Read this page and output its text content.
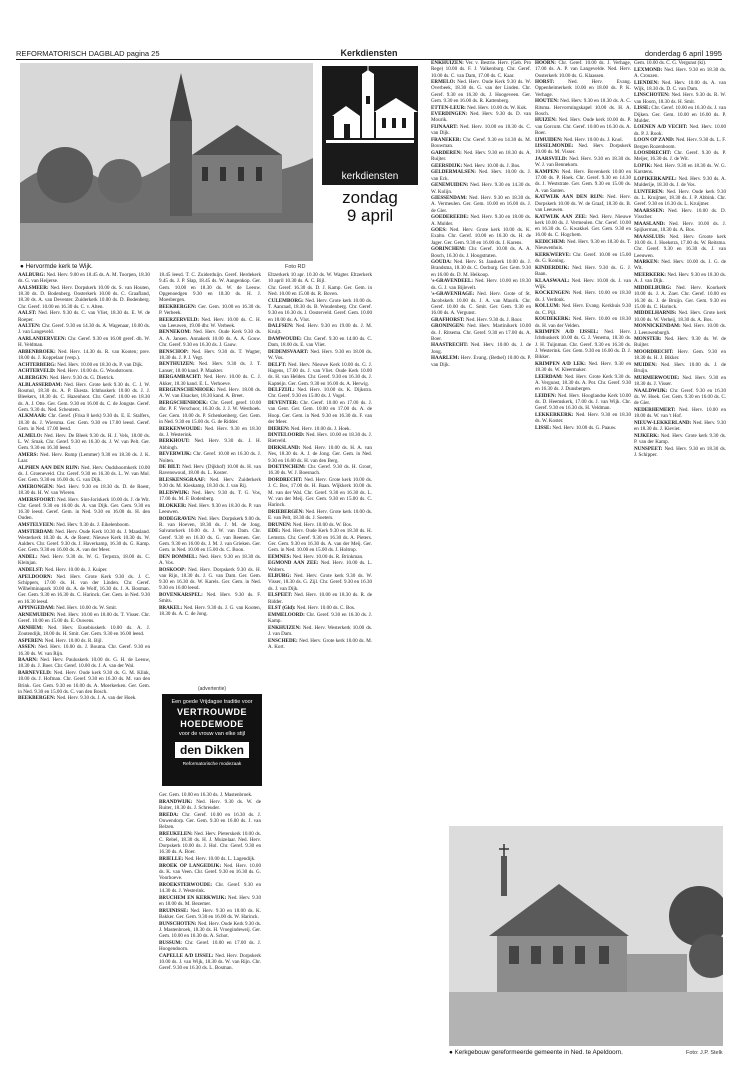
REFORMATORISCH DAGBLAD pagina 25	Kerkdiensten	donderdag 6 april 1995
● Hervormde kerk te Wijk.	Foto RD
kerkdiensten
zondag
9 april

AALBURG: Ned. Herv. 9.00 en 18.45 ds. A. M. Toorpen, 18.30 ds. G. van Heijerse.

AALSMEER: Ned. Herv. Dorpskerk 10.00 ds. S. van Houten, 18.30 ds. D. Bodenberg. Oosterkerk 10.00 ds. C. Graafland, 18.30 ds. A. van Deventer. Zuiderkerk 10.00 ds. D. Bodenberg. Chr. Geref. 10.00 en 16.30 ds. C. v. Alten.

AALST: Ned. Herv. 9.30 ds. C. van Vliet, 18.30 ds. E. W. de Roeper.

AALTEN: Chr. Geref. 9.30 en 14.30 ds. A. Wagenaar, 10.00 ds. J. van Langeveld.

AARLANDERVEEN: Chr. Geref. 9.30 en 16.00 geref. dh. W. H. Veldman.

ABBENBROEK: Ned. Herv. 14.30 ds. R. van Kooten; prev. 18.00 ds. J. Koppelaar (vesp.).

ACHTERBERG: Ned. Herv. 10.00 en 18.30 ds. P. van Dijk.

ACHTERVELD: Ned. Herv. 10.00 ds. G. Woudstroom.

ALBERGEN: Ned. Herv. 9.30 ds. G. Dietrick.

ALBLASSERDAM: Ned. Herv. Grote kerk 9.30 ds. C. J. W. Rosmul, 18.30 ds. A. P. Ekesta. Ichthuskerk 10.00 ds. J. J. Bleekers, 18.30 ds. C. Hazenhoot. Chr. Geref. 10.00 en 18.30 ds. A. J. Otte. Ger. Gem. 9.30 en 16.00 ds. C. de Jongste. Geref. Gem. 9.30 ds. Ned. Scheutem.

ALKMAAR: Chr. Geref. (Frisa 8 kerk) 9.30 ds. E. E. Stalfers, 18.30 ds. J. Wiersma. Ger. Gem. 9.30 en 17.00 leesd. Geref. Gem. in Ned. 17.00 leesd.

ALMELO: Ned. Herv. De Bleek 9.30 ds. H. J. Vels, 18.00 ds. L. W. Smak. Chr. Geref. 9.30 en 16.30 ds. J. W. van Pelt. Ger. Gem. 9.30 en 16.30 leesd.

AMERS: Ned. Herv. Rump (Lemmer) 9.30 en 18.30 ds. J. K. Laar.

ALPHEN AAN DEN RIJN: Ned. Herv. Oudshoornkerk 10.00 ds. J. Groeneveld. Chr. Geref. 9.30 en 16.30 ds. L. W. van Mol. Ger. Gem. 9.30 en 16.00 ds. G. van Dijk.

AMERONGEN: Ned. Herv. 9.30 en 18.30 ds. D. de Roest, 18.30 ds. H. W. van Wieren.

AMERSFOORT: Ned. Herv. Sint-Joriskerk 10.00 ds. J. de Wit. Chr. Geref. 9.30 en 16.00 ds. A. van Dijk. Ger. Gem. 9.30 en 16.30 leesd. Geref. Gem. in Ned. 9.30 en 16.00 ds. H. den Ouden.

AMSTELVEEN: Ned. Herv. 9.30 ds. J. Eikelenboom.

AMSTERDAM: Ned. Herv. Oude Kerk 10.30 ds. J. Maasland. Westerkerk 10.30 ds. A. de Roest. Nieuwe Kerk 10.30 ds. W. Aalders. Chr. Geref. 9.30 ds. J. Haverkamp, 16.30 ds. G. Kamp. Ger. Gem. 9.30 en 16.00 ds. A. van der Meer.

ANDEL: Ned. Herv. 9.30 ds. W. G. Terpstra, 18.00 ds. C. Kleinjan.

ANDELST: Ned. Herv. 10.00 ds. J. Kuiper.

APELDOORN: Ned. Herv. Grote Kerk 9.30 ds. J. C. Schippers, 17.00 ds. H. van der Linden. Chr. Geref. Wilhelminapark 10.00 ds. A. de Wolf, 16.30 ds. J. A. Bosman. Ger. Gem. 9.30 en 16.30 ds. C. Harinck. Ger. Gem. in Ned. 9.30 en 16.30 leesd.

APPINGEDAM: Ned. Herv. 10.00 ds. W. Smit.

ARNEMUIDEN: Ned. Herv. 10.00 en 18.00 ds. T. Visser. Chr. Geref. 10.00 en 15.00 ds. E. Ouwens.

ARNHEM: Ned. Herv. Eusebiuskerk 10.00 ds. A. J. Zoutendijk, 18.00 ds. H. Smit. Ger. Gem. 9.30 en 16.00 leesd.

ASPEREN: Ned. Herv. 10.00 ds. R. Bijl.

ASSEN: Ned. Herv. 10.00 ds. J. Bouma. Chr. Geref. 9.30 en 16.30 ds. W. van Rijn.

BAARN: Ned. Herv. Pauluskerk 10.00 ds. G. H. de Leeuw, 18.30 ds. J. Boer. Chr. Geref. 10.00 ds. J. A. van der Wal.

BARNEVELD: Ned. Herv. Oude kerk 9.30 ds. G. M. Klink, 18.00 ds. J. Hofman. Chr. Geref. 9.30 en 16.30 ds. M. van den Brink. Ger. Gem. 9.30 en 16.00 ds. A. Moerkerken. Ger. Gem. in Ned. 9.30 en 15.00 ds. C. van den Bosch.

BEEKBERGEN: Ned. Herv. 9.30 ds. J. A. van der Hoek.

18.45 leesd. T. C. Zuiderduijn. Geref. Herdekerk 9.45 ds. J. P. Slap, 18.45 ds. W. Aangenkop. Ger. Gem. 10.00 en 18.30 ds. W. de Leeuw. Opgenoedgen 9.30 en 18.30 ds. H. J. Moesbergen.

BEEKBERGEN: Ger. Gem. 10.00 en 16.30 ds. P. Verbeek.

BEERZERVELD: Ned. Herv. 10.00 ds. C. H. van Leeuwen, 19.00 dhr. W. Verbeek.

BENNEKOM: Ned. Herv. Oude Kerk 9.30 ds. A. A. Jansen. Annakerk 10.00 ds. A. A. Gouw. Chr. Geref. 9.30 en 16.30 ds. J. Gauw.

BENSCHOP: Ned. Herv. 9.30 ds. T. Wagter, 18.30 ds. J. P. J. Vegt.

BENTHUIZEN: Ned. Herv. 9.30 ds. J. T. Lanser, 18.00 kand. P. Maakter.

BERGAMBACHT: Ned. Herv. 10.00 ds. C. J. Akker, 18.30 kand. E. L. Verhoeve.

BERGENSCHENHOEK: Ned. Herv. 18.00 ds. A. W. van Elsacker, 18.30 kand. A. Breet.

BERGSCHENHOEK: Chr. Geref. geref. 10.00 dhr. P. F. Verschoor, 16.30 ds. J. J. W. Westhoek. Ger. Gem. 10.00 ds. P. Schenkenberg. Ger. Gem. in Ned. 9.30 en 15.00 ds. G. de Ridder.

BERKENWOUDE: Ned. Herv. 9.30 en 18.30 ds. J. Westerink.

BERKHOUT: Ned. Herv. 9.30 ds. J. H. Abbingh.

BEVERWIJK: Chr. Geref. 10.00 en 16.30 ds. J. Noiten.

DE BILT: Ned. Herv. (Dijkhof) 10.00 ds. H. van Ravenswoud, 18.00 ds. L. Koster.

BLESKENSGRAAF: Ned. Herv. Zuiderkerk 9.30 ds. M. Kieskamp, 18.30 ds. J. van Rij.

BLEISWIJK: Ned. Herv. 9.30 ds. T. G. Vos, 17.00 ds. M. F. Bodenberg.

BLOKKER: Ned. Herv. 9.30 en 18.30 ds. P. van Leeuwen.

BODEGRAVEN: Ned. Herv. Dorpskerk 9.00 ds. R. van Hoeven, 18.30 ds. J. M. de Jong. Salvatorkerk 10.00 ds. J. W. van Dam. Chr. Geref. 9.30 en 16.30 ds. G. van Reenen. Ger. Gem. 9.30 en 16.00 ds. J. M. J. van Grieken. Ger. Gem. in Ned. 10.00 en 15.00 ds. C. Boon.

DEN BOMMEL: Ned. Herv. 9.30 en 18.30 ds. A. Vos.

BOSKOOP: Ned. Herv. Dorpskerk 9.30 ds. H. van Rijn, 18.30 ds. J. G. van Dam. Ger. Gem. 9.30 en 16.30 ds. W. Karels. Ger. Gem. in Ned. 9.30 en 16.00 leesd.

BOVENKARSPEL: Ned. Herv. 9.30 ds. F. Smits.

BRAKEL: Ned. Herv. 9.30 ds. J. G. van Kooten, 18.30 ds. A. C. de Jong.

Ger. Gem. 10.00 en 16.30 ds. J. Mastenbroek.

BRANDWIJK: Ned. Herv. 9.30 ds. W. de Ruiter, 18.30 ds. J. Schreuder.

BREDA: Chr. Geref. 10.00 en 16.30 ds. J. Ouwendorp. Ger. Gem. 9.30 en 16.00 ds. J. van Belzen.

BREUKELEN: Ned. Herv. Pieterskerk 10.00 ds. C. Rebel, 18.30 ds. H. J. Muizelaar. Ned. Herv. Dorpskerk 10.00 ds. J. Hol. Chr. Geref. 9.30 en 16.30 ds. A. Boer.

BRIELLE: Ned. Herv. 10.00 ds. L. Lagendijk.

BROEK OP LANGEDIJK: Ned. Herv. 10.00 ds. K. van Veen. Chr. Geref. 9.30 en 16.30 ds. G. Voorhoeve.

BROEKSTERWOUDE: Chr. Geref. 9.30 en 14.30 ds. J. Westerink.

BRUCHEM EN KERKWIJK: Ned. Herv. 9.30 en 18.00 ds. M. Bezemer.

BRUINISSE: Ned. Herv. 9.30 en 18.00 ds. K. Bakker. Ger. Gem. 9.30 en 16.00 ds. W. Harinck.

BUNSCHOTEN: Ned. Herv. Oude Kerk 9.30 ds. J. Mastenbroek, 18.30 ds. H. Vroegindeweij. Ger. Gem. 10.00 en 16.30 ds. A. Schot.

BUSSUM: Chr. Geref. 10.00 en 17.00 ds. J. Hoogendoorn.

CAPELLE A/D IJSSEL: Ned. Herv. Dorpskerk 10.00 ds. J. van Wijk, 18.30 ds. W. van Rijn. Chr. Geref. 9.30 en 16.30 ds. L. Bosman.

Eltzerkerk 10 apr. 10.30 ds. W. Wagter. Eltzerkerk 10 april 10.30 ds. A. C. Bijl.

Chr. Geref. 16.30 ds. D. J. Kamp. Ger. Gem. in Ned. 10.00 en 15.00 ds. R. Boven.

CULEMBORG: Ned. Herv. Grote kerk 10.00 ds. T. Aanraad, 18.30 ds. B. Woudenberg. Chr. Geref. 9.30 en 16.30 ds. J. Oosterveld. Geref. Gem. 10.00 en 18.00 ds. A. Vlot.

DALFSEN: Ned. Herv. 9.30 en 19.00 ds. J. M. Kruijt.

DAMWOUDE: Chr. Geref. 9.30 en 14.00 ds. C. Dam, 18.00 ds. E. van Vliet.

DEDEMSVAART: Ned. Herv. 9.30 en 18.00 ds. W. Vos.

DELFT: Ned. Herv. Nieuwe Kerk 10.00 ds. G. J. Hagens, 17.00 ds. J. van Vliet. Oude Kerk 10.00 ds. H. van Helden. Chr. Geref. 9.30 en 16.30 ds. J. Kapteijn. Ger. Gem. 9.30 en 16.00 ds. A. Herwig.

DELFZIJL: Ned. Herv. 10.00 ds. K. Dijkstra. Chr. Geref. 9.30 en 15.00 ds. J. Vogel.

DEVENTER: Chr. Geref. 10.00 en 17.00 ds. J. van Gent. Ger. Gem. 10.00 en 17.00 ds. A. de Hoop. Ger. Gem. in Ned. 9.30 en 16.30 ds. F. van der Meer.

DIEREN: Ned. Herv. 10.00 ds. J. Hoek.

DINTELOORD: Ned. Herv. 10.00 en 18.30 ds. J. Rietveld.

DIRKSLAND: Ned. Herv. 10.00 ds. H. A. van Nes, 18.30 ds. A. J. de Jong. Ger. Gem. in Ned. 9.30 en 16.00 ds. H. van den Berg.

DOETINCHEM: Chr. Geref. 9.30 ds. H. Groot, 16.30 ds. W. J. Boesnach.

DORDRECHT: Ned. Herv. Grote kerk 10.00 ds. J. C. Bos, 17.00 ds. H. Baan. Wijkkerk 10.00 ds. M. van der Wal. Chr. Geref. 9.30 en 16.30 ds. L. W. van der Meij. Ger. Gem. 9.30 en 15.00 ds. C. Harinck.

DRIEBERGEN: Ned. Herv. Grote kerk 10.00 ds. E. van Pelt, 18.30 ds. J. Soeters.

DRUNEN: Ned. Herv. 10.00 ds. W. Bos.

EDE: Ned. Herv. Oude Kerk 9.30 en 18.30 ds. H. Lemstra. Chr. Geref. 9.30 en 16.30 ds. A. Pieters. Ger. Gem. 9.30 en 16.30 ds. A. van der Meij. Ger. Gem. in Ned. 10.00 en 15.00 ds. J. Holtrop.

EEMNES: Ned. Herv. 10.00 ds. R. Brinkman.

EGMOND AAN ZEE: Ned. Herv. 10.00 ds. L. Wolters.

ELBURG: Ned. Herv. Grote kerk 9.30 ds. W. Visser, 18.30 ds. G. Zijl. Chr. Geref. 9.30 en 16.30 ds. J. van Dijk.

ELSPEET: Ned. Herv. 10.00 en 18.30 ds. R. de Ridder.

ELST (Gld): Ned. Herv. 10.00 ds. C. Bos.

EMMELOORD: Chr. Geref. 9.30 en 16.30 ds. J. Kamp.

ENKHUIZEN: Ned. Herv. Westerkerk 10.00 ds. J. van Dam.

ENSCHEDE: Ned. Herv. Grote kerk 10.00 ds. M. A. Kort.

ENKHUIZEN: Ver. v. Bestrie. Herv. (Geb. Pro Rege) 10.00 ds. F. J. Valkenburg. Chr. Geref. 10.00 ds. C. van Dam, 17.00 ds. C. Kaar.

ERMELO: Ned. Herv. Oude Kerk 9.30 ds. W. Overbeek, 18.30 ds. G. van der Linden. Chr. Geref. 9.30 en 16.30 ds. J. Hoogeveen. Ger. Gem. 9.30 en 16.00 ds. R. Kattenberg.

ETTEN-LEUR: Ned. Herv. 10.00 ds. W. Kok.

EVERDINGEN: Ned. Herv. 9.30 ds. D. van Mourik.

FIJNAART: Ned. Herv. 10.00 en 18.30 ds. C. van Dijk.

FRANEKER: Chr. Geref. 9.30 en 14.30 ds. M. Bouwman.

GARDEREN: Ned. Herv. 9.30 en 18.30 ds. A. Ruijter.

GEERSDIJK: Ned. Herv. 10.00 ds. J. Bos.

GELDERMALSEN: Ned. Herv. 10.00 ds. J. van Eck.

GENEMUIDEN: Ned. Herv. 9.30 en 14.30 ds. W. Kolijn.

GIESSENDAM: Ned. Herv. 9.30 en 18.30 ds. A. Vermeulen. Ger. Gem. 10.00 en 16.00 ds. J. de Gier.

GOEDEREEDE: Ned. Herv. 9.30 en 18.00 ds. A. Mulder.

GOES: Ned. Herv. Grote kerk 10.00 ds. K. Exalto. Chr. Geref. 10.00 en 16.30 ds. H. de Jager. Ger. Gem. 9.30 en 16.00 ds. J. Karens.

GORINCHEM: Chr. Geref. 10.00 ds. A. A. Bosch, 16.30 ds. J. Hoogstraten.

GOUDA: Ned. Herv. St. Janskerk 10.00 ds. J. Brandsma, 18.30 ds. C. Oorburg. Ger. Gem. 9.30 en 16.00 ds. D. M. Heikoop.

's-GRAVENDEEL: Ned. Herv. 10.00 en 18.30 ds. G. J. van Bijlevelt.

's-GRAVENHAGE: Ned. Herv. Grote of St. Jacobskerk 10.00 ds. J. A. van Maurik. Chr. Geref. 10.00 ds. C. Smit. Ger. Gem. 9.30 en 16.00 ds. A. Vergunst.

GRAFHORST: Ned. Herv. 9.30 ds. J. Roor.

GRONINGEN: Ned. Herv. Martinikerk 10.00 ds. J. Ritsema. Chr. Geref. 9.30 en 17.00 ds. A. Boer.

HAASTRECHT: Ned. Herv. 10.00 ds. J. de Jong.

HAARLEM: Herv. Evang. (Bethel) 10.00 ds. P. van Dijk.

HOORN: Chr. Geref. 10.00 ds. J. Verhage, 17.00 ds. A. P. van Langevelde. Ned. Herv. Oosterkerk 10.00 ds. G. Klaassen.

HORST:	Ned. Herv. Evang. Oppenheimerkerk 10.00 en 18.00 ds. P. K. Verhage.

HOUTEN: Ned. Herv. 9.30 en 18.30 ds. A. C. Ritsma. Hervormingskapel 10.00 ds. H. A. Bosch.

HUIZEN: Ned. Herv. Oude kerk 10.00 ds. P. van Gorcum. Chr. Geref. 10.00 en 16.30 ds. A. Boer.

IJMUIDEN: Ned. Herv. 10.00 ds. J. Knol.

IJSSELMONDE: Ned. Herv. Dorpskerk 10.00 ds. M. Visser.

JAARSVELD: Ned. Herv. 9.30 en 18.30 ds. W. J. van Bennekom.

KAMPEN: Ned. Herv. Bovenkerk 10.00 en 17.00 ds. P. Hoek. Chr. Geref. 9.30 en 14.30 ds. J. Weststrate. Ger. Gem. 9.30 en 15.00 ds. A. van Santen.

KATWIJK AAN DEN RIJN: Ned. Herv. Dorpskerk 10.00 ds. W. de Graaf, 18.30 ds. B. van Leeuwen.

KATWIJK AAN ZEE: Ned. Herv. Nieuwe kerk 10.00 ds. J. Vermeulen. Chr. Geref. 10.00 en 16.30 ds. G. Kwakkel. Ger. Gem. 9.30 en 16.00 ds. C. Hogchem.

KEDICHEM: Ned. Herv. 9.30 en 18.30 ds. T. Nieuwenhuis.

KERKWERVE: Chr. Geref. 10.00 en 15.00 ds. G. Koning.

KINDERDIJK: Ned. Herv. 9.30 ds. G. J. Baan.

KLAASWAAL: Ned. Herv. 10.00 ds. J. van Wijk.

KOCKENGEN: Ned. Herv. 10.00 en 18.30 ds. J. Verdonk.

KOLLUM: Ned. Herv. Evang. Kerkhuis 9.30 ds. C. Pijl.

KOUDEKERK: Ned. Herv. 10.00 en 18.30 ds. H. van der Velden.

KRIMPEN A/D IJSSEL: Ned. Herv. Ichthuskerk 10.00 ds. G. J. Venema, 18.30 ds. J. H. Tuijnman. Chr. Geref. 9.30 en 16.30 ds. J. Westerink. Ger. Gem. 9.30 en 16.00 ds. D. J. Bikker.

KRIMPEN A/D LEK: Ned. Herv. 9.30 en 18.30 ds. W. Kleermaker.

LEERDAM: Ned. Herv. Grote Kerk 9.30 ds. A. Vergunst, 18.30 ds. A. Pot. Chr. Geref. 9.30 en 16.30 ds. J. Dunsbergen.

LEIDEN: Ned. Herv. Hooglandse Kerk 10.00 ds. D. Heemskerk, 17.00 ds. J. van Wijk. Chr. Geref. 9.30 en 16.30 ds. H. Veldman.

LEKKERKERK: Ned. Herv. 9.30 en 18.30 ds. W. Koster.

LISSE: Ned. Herv. 10.00 ds. G. Paauw.

Gem. 10.00 ds. C. G. Vergunst (ki).

LEXMOND: Ned. Herv. 9.30 en 18.30 ds. A. Crouzen.

LIENDEN: Ned. Herv. 10.00 ds. A. van Wijk, 18.30 ds. D. C. van Dam.

LINSCHOTEN: Ned. Herv. 9.30 ds. R. W. van Hoorn, 18.30 ds. H. Smit.

LISSE: Chr. Geref. 10.00 en 16.30 ds. J. van Dijken. Ger. Gem. 10.00 en 16.00 ds. P. Mulder.

LOENEN A/D VECHT: Ned. Herv. 10.00 ds. P. J. Rook.

LOON OP ZAND: Ned. Herv. 9.30 ds. L. F. Bergen Rozenboom.

LOOSDRECHT: Chr. Geref. 9.30 ds. P. Meijer, 16.30 ds. J. de Wit.

LOPIK: Ned. Herv. 9.30 en 18.30 ds. W. G. Karstens.

LOPIKERKAPEL: Ned. Herv. 9.30 ds. A. Mulderije, 18.30 ds. J. de Vos.

LUNTEREN: Ned. Herv. Oude kerk 9.30 ds. L. Kruijmer, 18.30 ds. J. P. Abbink. Chr. Geref. 9.30 en 16.30 ds. L. Kruijmer.

MAARSSEN: Ned. Herv. 10.00 ds. D. Visscher.

MAASLAND: Ned. Herv. 10.00 ds. J. Spijkerman, 18.30 ds. A. Bos.

MAASSLUIS: Ned. Herv. Groote kerk 10.00 ds. J. Hoekstra, 17.00 ds. W. Reitsma. Chr. Geref. 9.30 en 16.30 ds. J. van Leeuwen.

MARKEN: Ned. Herv. 10.00 ds. J. G. de Wit.

MEERKERK: Ned. Herv. 9.30 en 18.30 ds. A. J. van Dijk.

MIDDELBURG: Ned. Herv. Koorkerk 10.00 ds. J. A. Zoet. Chr. Geref. 10.00 en 16.30 ds. J. de Bruijn. Ger. Gem. 9.30 en 15.00 ds. C. Harinck.

MIDDELHARNIS: Ned. Herv. Grote kerk 10.00 ds. W. Verheij, 18.30 ds. A. Bos.

MONNICKENDAM: Ned. Herv. 10.00 ds. J. Leeuwenburgh.

MONSTER: Ned. Herv. 9.30 ds. W. de Ruijter.

MOORDRECHT: Herv. Gem. 9.30 en 18.30 ds. H. J. Bikker.

MUIDEN: Ned. Herv. 10.00 ds. J. de Bruijn.

MURMERWOUDE: Ned. Herv. 9.30 en 18.30 ds. J. Visser.

NAALDWIJK: Chr. Geref. 9.30 en 16.30 ds. W. Hoek. Ger. Gem. 9.30 en 16.00 ds. C. de Gier.

NEDERHEMERT: Ned. Herv. 10.00 en 18.00 ds. W. van 't Hof.

NIEUW-LEKKERLAND: Ned. Herv. 9.30 en 18.30 ds. J. Kieviet.

NIJKERK: Ned. Herv. Grote kerk 9.30 ds. P. van der Kamp.

NUNSPEET: Ned. Herv. 9.30 en 18.30 ds. J. Schipper.

(advertentie)
Een goede Vrijdagse traditie voor
VERTROUWDE
HOEDEMODE
voor de vrouw van elke stijl
den Dikken
Reformatorische modezaak
● Kerkgebouw gereformeerde gemeente in Ned. te Apeldoorn.	Foto: J.P. Stelk
